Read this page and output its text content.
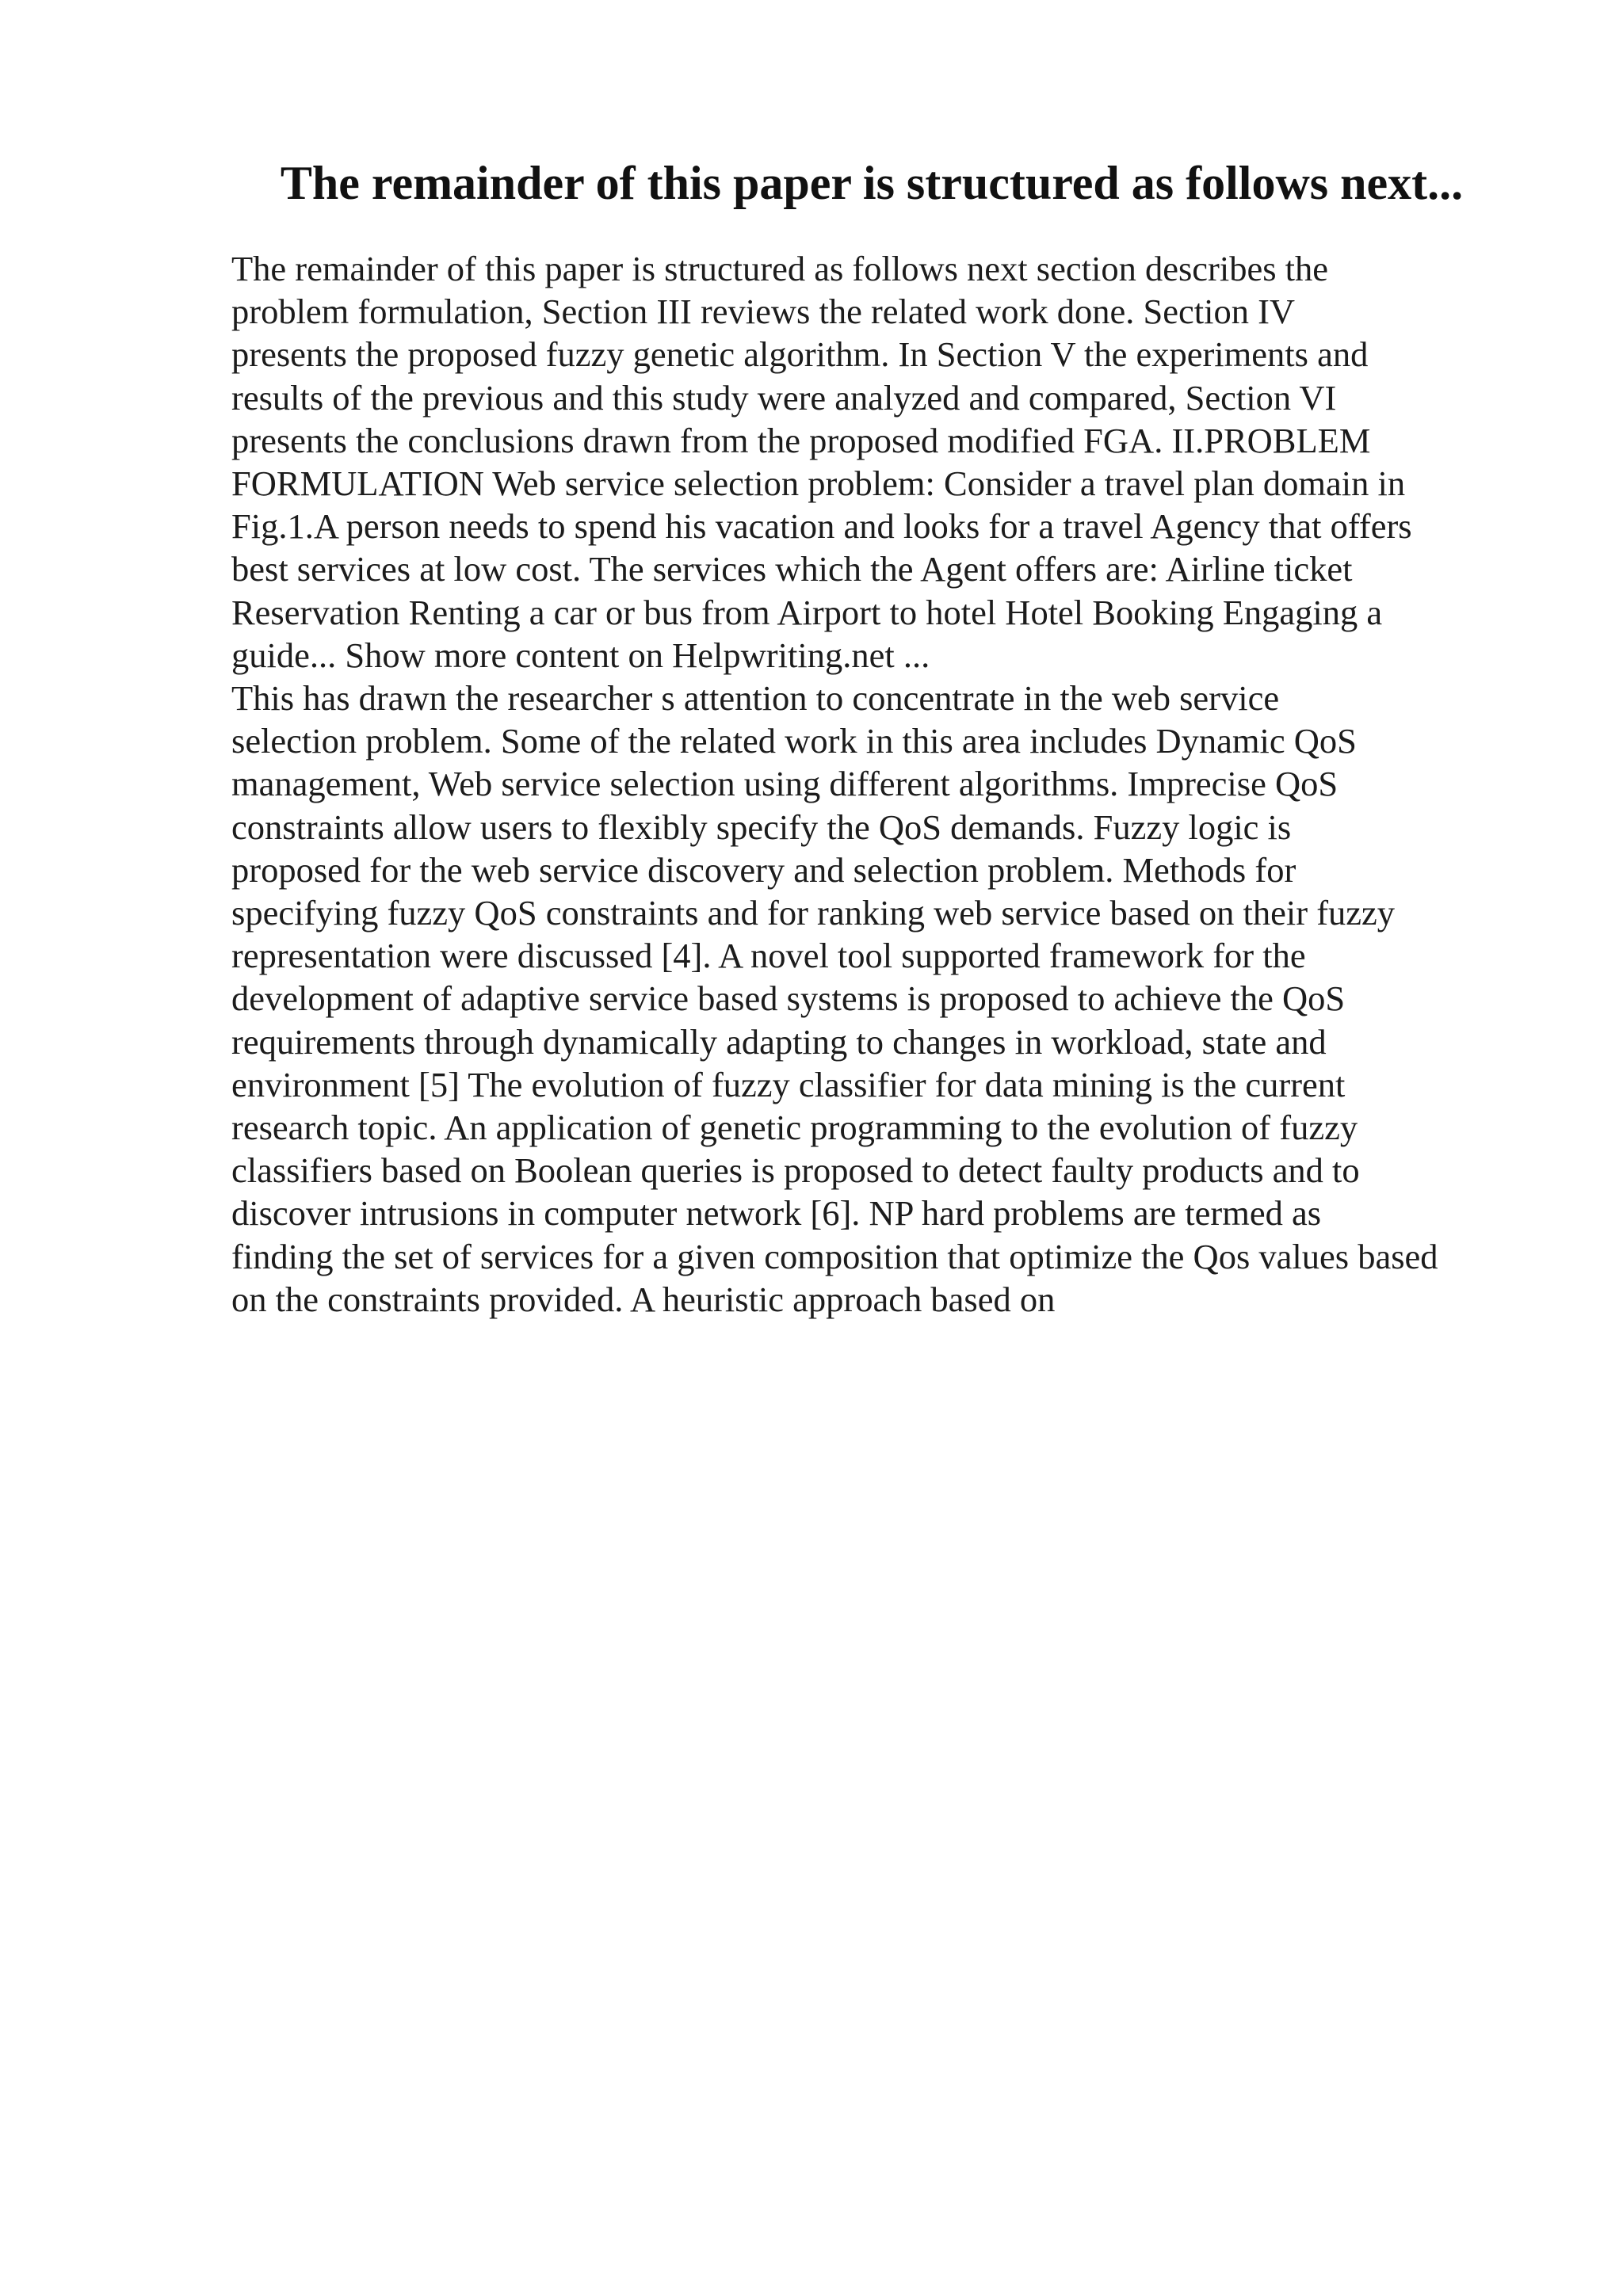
The remainder of this paper is structured as follows next...
The remainder of this paper is structured as follows next section describes the
problem formulation, Section III reviews the related work done. Section IV
presents the proposed fuzzy genetic algorithm. In Section V the experiments and
results of the previous and this study were analyzed and compared, Section VI
presents the conclusions drawn from the proposed modified FGA. II.PROBLEM
FORMULATION Web service selection problem: Consider a travel plan domain in
Fig.1.A person needs to spend his vacation and looks for a travel Agency that offers
best services at low cost. The services which the Agent offers are: Airline ticket
Reservation Renting a car or bus from Airport to hotel Hotel Booking Engaging a
guide... Show more content on Helpwriting.net ...
This has drawn the researcher s attention to concentrate in the web service
selection problem. Some of the related work in this area includes Dynamic QoS
management, Web service selection using different algorithms. Imprecise QoS
constraints allow users to flexibly specify the QoS demands. Fuzzy logic is
proposed for the web service discovery and selection problem. Methods for
specifying fuzzy QoS constraints and for ranking web service based on their fuzzy
representation were discussed [4]. A novel tool supported framework for the
development of adaptive service based systems is proposed to achieve the QoS
requirements through dynamically adapting to changes in workload, state and
environment [5] The evolution of fuzzy classifier for data mining is the current
research topic. An application of genetic programming to the evolution of fuzzy
classifiers based on Boolean queries is proposed to detect faulty products and to
discover intrusions in computer network [6]. NP hard problems are termed as
finding the set of services for a given composition that optimize the Qos values based
on the constraints provided. A heuristic approach based on
